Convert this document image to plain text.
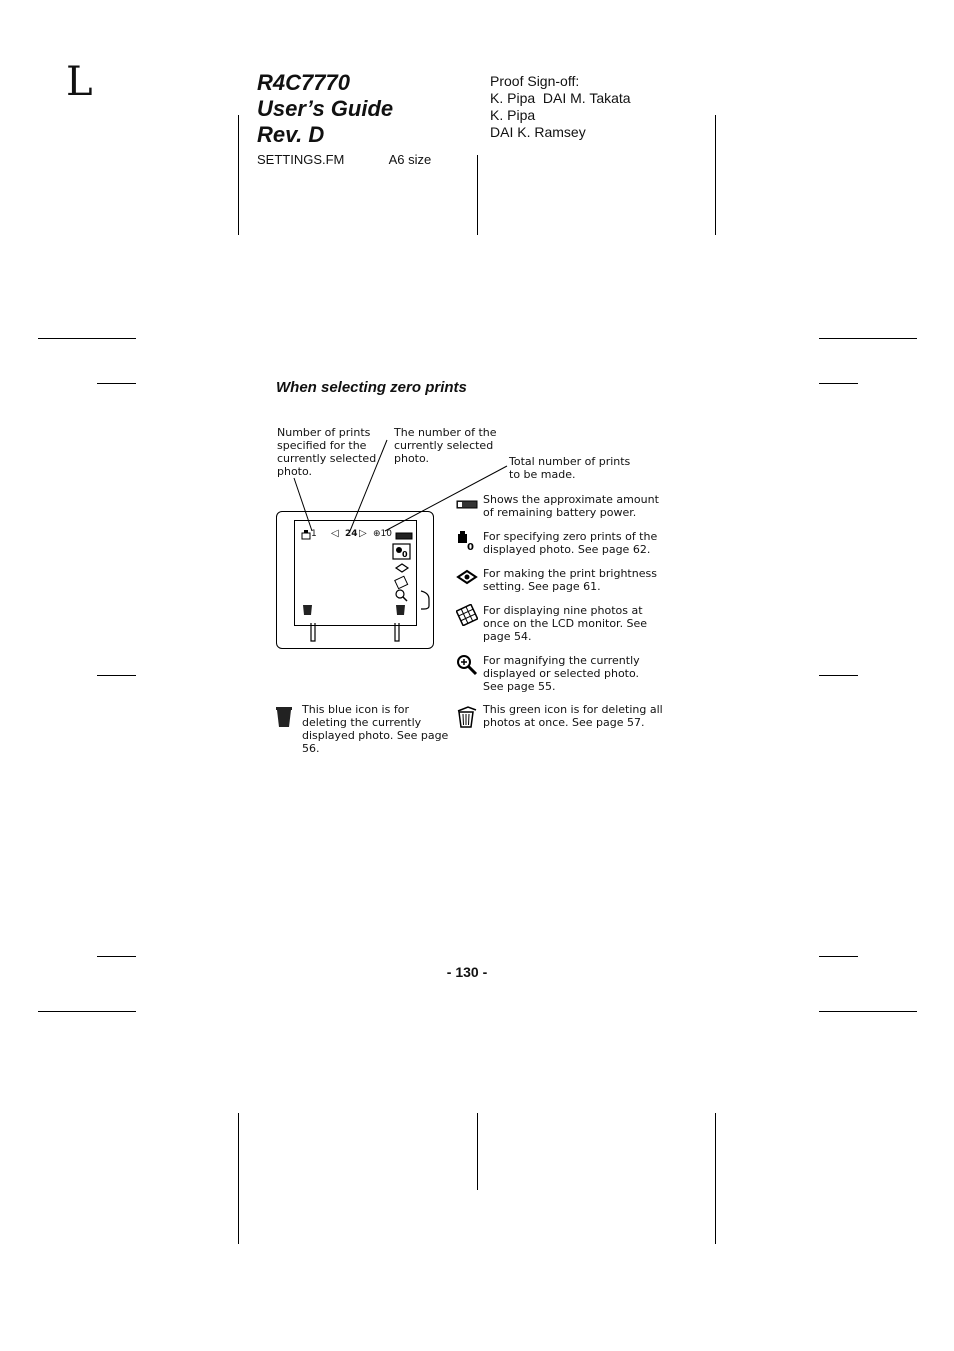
L	R4C7770
User’s Guide
Rev. D
SETTINGS.FM	A6 size
Proof Sign-off:
K. Pipa  DAI M. Takata
K. Pipa
DAI K. Ramsey
When selecting zero prints
Number of prints
specified for the
currently selected
photo.
The number of the
currently selected
photo.	Total number of prints
to be made.
0
1 ◁ 24 ▷ ⊕10
Shows the approximate amount of remaining battery power.
0
For specifying zero prints of the displayed photo. See page 62.
For making the print brightness setting. See page 61.
For displaying nine photos at once on the LCD monitor. See page 54.
For magnifying the currently displayed or selected photo. See page 55.
This blue icon is for deleting the currently displayed photo. See page 56.
This green icon is for deleting all photos at once. See page 57.
- 130 -
